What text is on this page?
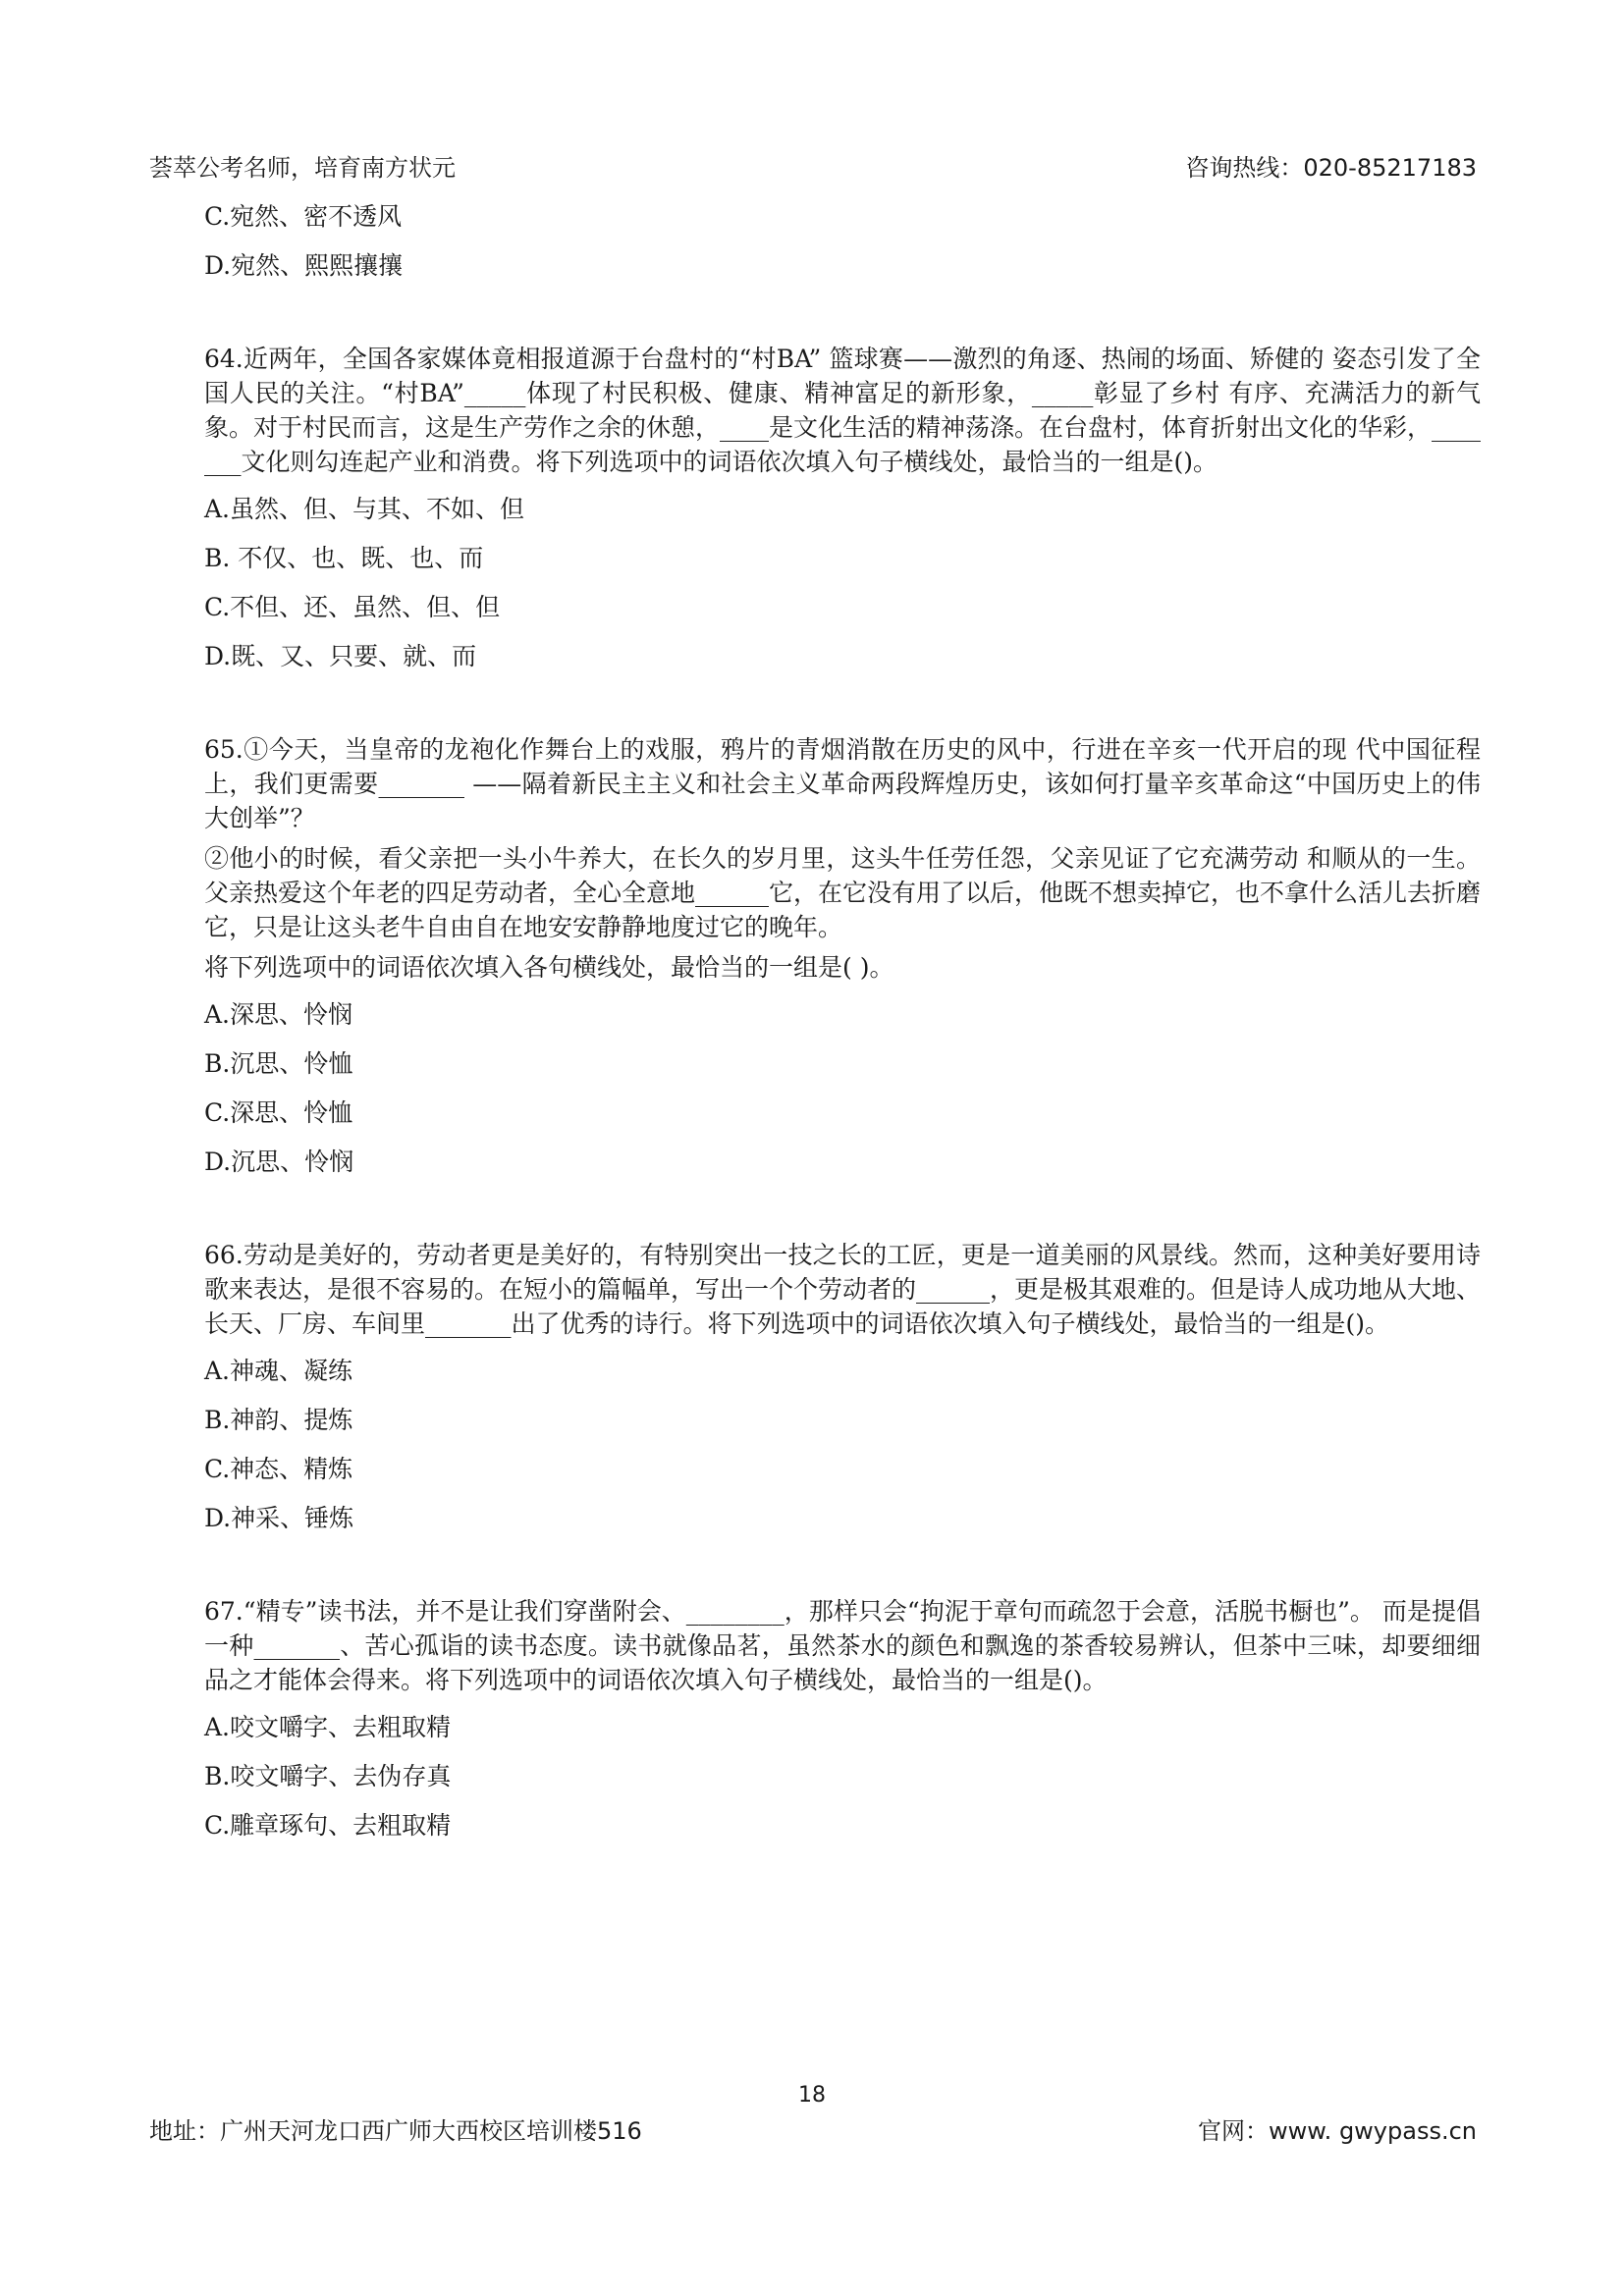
荟萃公考名师，培育南方状元	咨询热线：020-85217183
C.宛然、密不透风
D.宛然、熙熙攘攘
64.近两年，全国各家媒体竟相报道源于台盘村的“村BA” 篮球赛——激烈的角逐、热闹的场面、矫健的 姿态引发了全国人民的关注。“村BA”_____体现了村民积极、健康、精神富足的新形象，_____彰显了乡村 有序、充满活力的新气象。对于村民而言，这是生产劳作之余的休憩，____是文化生活的精神荡涤。在台盘村，体育折射出文化的华彩，_______文化则勾连起产业和消费。将下列选项中的词语依次填入句子横线处，最恰当的一组是()。
A.虽然、但、与其、不如、但
B. 不仅、也、既、也、而
C.不但、还、虽然、但、但
D.既、又、只要、就、而
65.①今天，当皇帝的龙袍化作舞台上的戏服，鸦片的青烟消散在历史的风中，行进在辛亥一代开启的现 代中国征程上，我们更需要_______ ——隔着新民主主义和社会主义革命两段辉煌历史，该如何打量辛亥革命这“中国历史上的伟大创举”？
②他小的时候，看父亲把一头小牛养大，在长久的岁月里，这头牛任劳任怨，父亲见证了它充满劳动 和顺从的一生。父亲热爱这个年老的四足劳动者，全心全意地______它，在它没有用了以后，他既不想卖掉它，也不拿什么活儿去折磨它，只是让这头老牛自由自在地安安静静地度过它的晚年。
将下列选项中的词语依次填入各句横线处，最恰当的一组是( )。
A.深思、怜悯
B.沉思、怜恤
C.深思、怜恤
D.沉思、怜悯
66.劳动是美好的，劳动者更是美好的，有特别突出一技之长的工匠，更是一道美丽的风景线。然而，这种美好要用诗歌来表达，是很不容易的。在短小的篇幅单，写出一个个劳动者的______，更是极其艰难的。但是诗人成功地从大地、长天、厂房、车间里_______出了优秀的诗行。将下列选项中的词语依次填入句子横线处，最恰当的一组是()。
A.神魂、凝练
B.神韵、提炼
C.神态、精炼
D.神采、锤炼
67.“精专”读书法，并不是让我们穿凿附会、________，那样只会“拘泥于章句而疏忽于会意，活脱书橱也”。 而是提倡一种_______、苦心孤诣的读书态度。读书就像品茗，虽然茶水的颜色和飘逸的茶香较易辨认，但茶中三味，却要细细品之才能体会得来。将下列选项中的词语依次填入句子横线处，最恰当的一组是()。
A.咬文嚼字、去粗取精
B.咬文嚼字、去伪存真
C.雕章琢句、去粗取精
18
地址：广州天河龙口西广师大西校区培训楼516	官网：www. gwypass.cn
